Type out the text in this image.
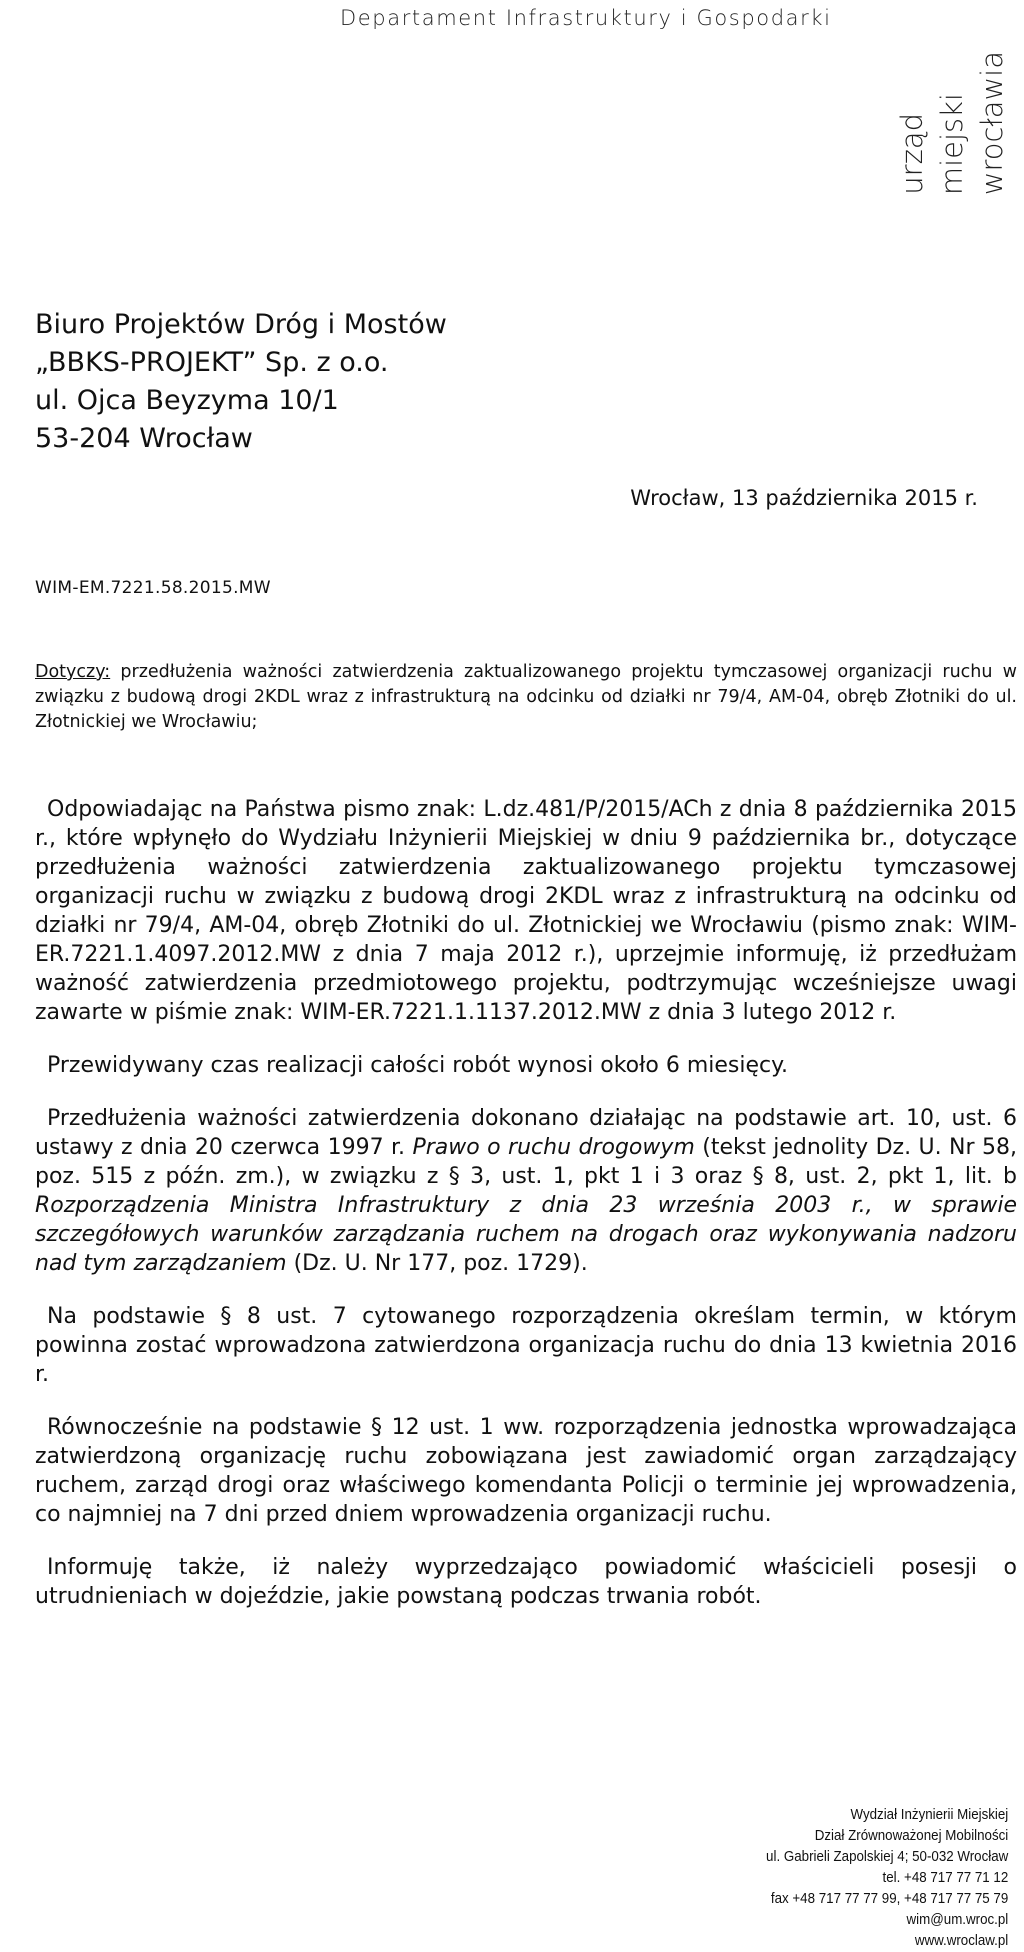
Departament Infrastruktury i Gospodarki
urząd miejski wrocławia
Biuro Projektów Dróg i Mostów
„BBKS-PROJEKT” Sp. z o.o.
ul. Ojca Beyzyma 10/1
53-204 Wrocław
Wrocław, 13 października 2015 r.
WIM-EM.7221.58.2015.MW
Dotyczy: przedłużenia ważności zatwierdzenia zaktualizowanego projektu tymczasowej organizacji ruchu w związku z budową drogi 2KDL wraz z infrastrukturą na odcinku od działki nr 79/4, AM-04, obręb Złotniki do ul. Złotnickiej we Wrocławiu;

Odpowiadając na Państwa pismo znak: L.dz.481/P/2015/ACh z dnia 8 października 2015 r., które wpłynęło do Wydziału Inżynierii Miejskiej w dniu 9 października br., dotyczące przedłużenia ważności zatwierdzenia zaktualizowanego projektu tymczasowej organizacji ruchu w związku z budową drogi 2KDL wraz z infrastrukturą na odcinku od działki nr 79/4, AM-04, obręb Złotniki do ul. Złotnickiej we Wrocławiu (pismo znak: WIM-ER.7221.1.4097.2012.MW z dnia 7 maja 2012 r.), uprzejmie informuję, iż przedłużam ważność zatwierdzenia przedmiotowego projektu, podtrzymując wcześniejsze uwagi zawarte w piśmie znak: WIM-ER.7221.1.1137.2012.MW z dnia 3 lutego 2012 r.

Przewidywany czas realizacji całości robót wynosi około 6 miesięcy.

Przedłużenia ważności zatwierdzenia dokonano działając na podstawie art. 10, ust. 6 ustawy z dnia 20 czerwca 1997 r. Prawo o ruchu drogowym (tekst jednolity Dz. U. Nr 58, poz. 515 z późn. zm.), w związku z § 3, ust. 1, pkt 1 i 3 oraz § 8, ust. 2, pkt 1, lit. b Rozporządzenia Ministra Infrastruktury z dnia 23 września 2003 r., w sprawie szczegółowych warunków zarządzania ruchem na drogach oraz wykonywania nadzoru nad tym zarządzaniem (Dz. U. Nr 177, poz. 1729).

Na podstawie § 8 ust. 7 cytowanego rozporządzenia określam termin, w którym powinna zostać wprowadzona zatwierdzona organizacja ruchu do dnia 13 kwietnia 2016 r.

Równocześnie na podstawie § 12 ust. 1 ww. rozporządzenia jednostka wprowadzająca zatwierdzoną organizację ruchu zobowiązana jest zawiadomić organ zarządzający ruchem, zarząd drogi oraz właściwego komendanta Policji o terminie jej wprowadzenia, co najmniej na 7 dni przed dniem wprowadzenia organizacji ruchu.

Informuję także, iż należy wyprzedzająco powiadomić właścicieli posesji o utrudnieniach w dojeździe, jakie powstaną podczas trwania robót.

Wydział Inżynierii Miejskiej
Dział Zrównoważonej Mobilności
ul. Gabrieli Zapolskiej 4; 50-032 Wrocław
tel. +48 717 77 71 12
fax +48 717 77 77 99, +48 717 77 75 79
wim@um.wroc.pl
www.wroclaw.pl
